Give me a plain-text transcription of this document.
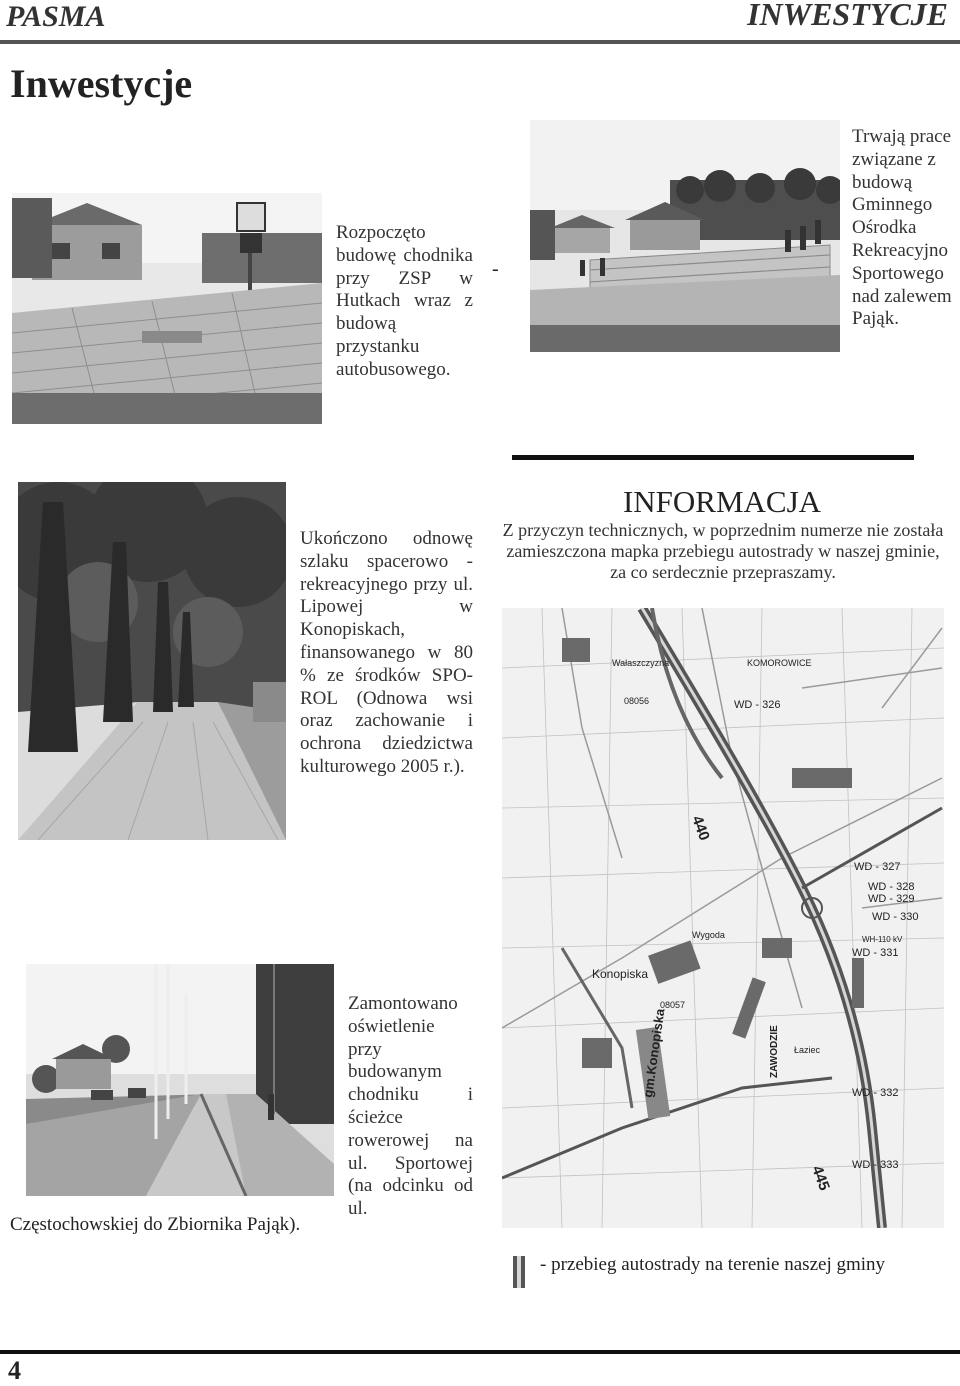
PASMA	INWESTYCJE
Inwestycje
Rozpoczęto budowę chodnika przy ZSP w Hutkach wraz z budową przystanku autobusowego.
-
Trwają prace związane z budową Gminnego Ośrodka Rekreacyjno Sportowego nad zalewem Pająk.
Ukończono odnowę szlaku spacerowo - rekreacyjnego przy ul. Lipowej w Konopiskach, finansowanego w 80 % ze środków SPO-ROL (Odnowa wsi oraz zachowanie i ochrona dziedzictwa kulturowego 2005 r.).
INFORMACJA
Z przyczyn technicznych, w poprzednim numerze nie została zamieszczona mapka przebiegu autostrady w naszej gminie, za co serdecznie przepraszamy.
440
445
WD - 326
WD - 327
WD - 328
WD - 329
WD - 330
WD - 331
WD - 332
WD - 333
Konopiska
gm.Konopiska	ZAWODZIE
KOMOROWICE
Łaziec
Wygoda
Wałaszczyzna
08056
08057
WH-110 kV
Zamontowano oświetlenie przy budowanym chodniku i ścieżce rowerowej na ul. Sportowej (na odcinku od ul.
Częstochowskiej do Zbiornika Pająk).
- przebieg autostrady na terenie naszej gminy
4
